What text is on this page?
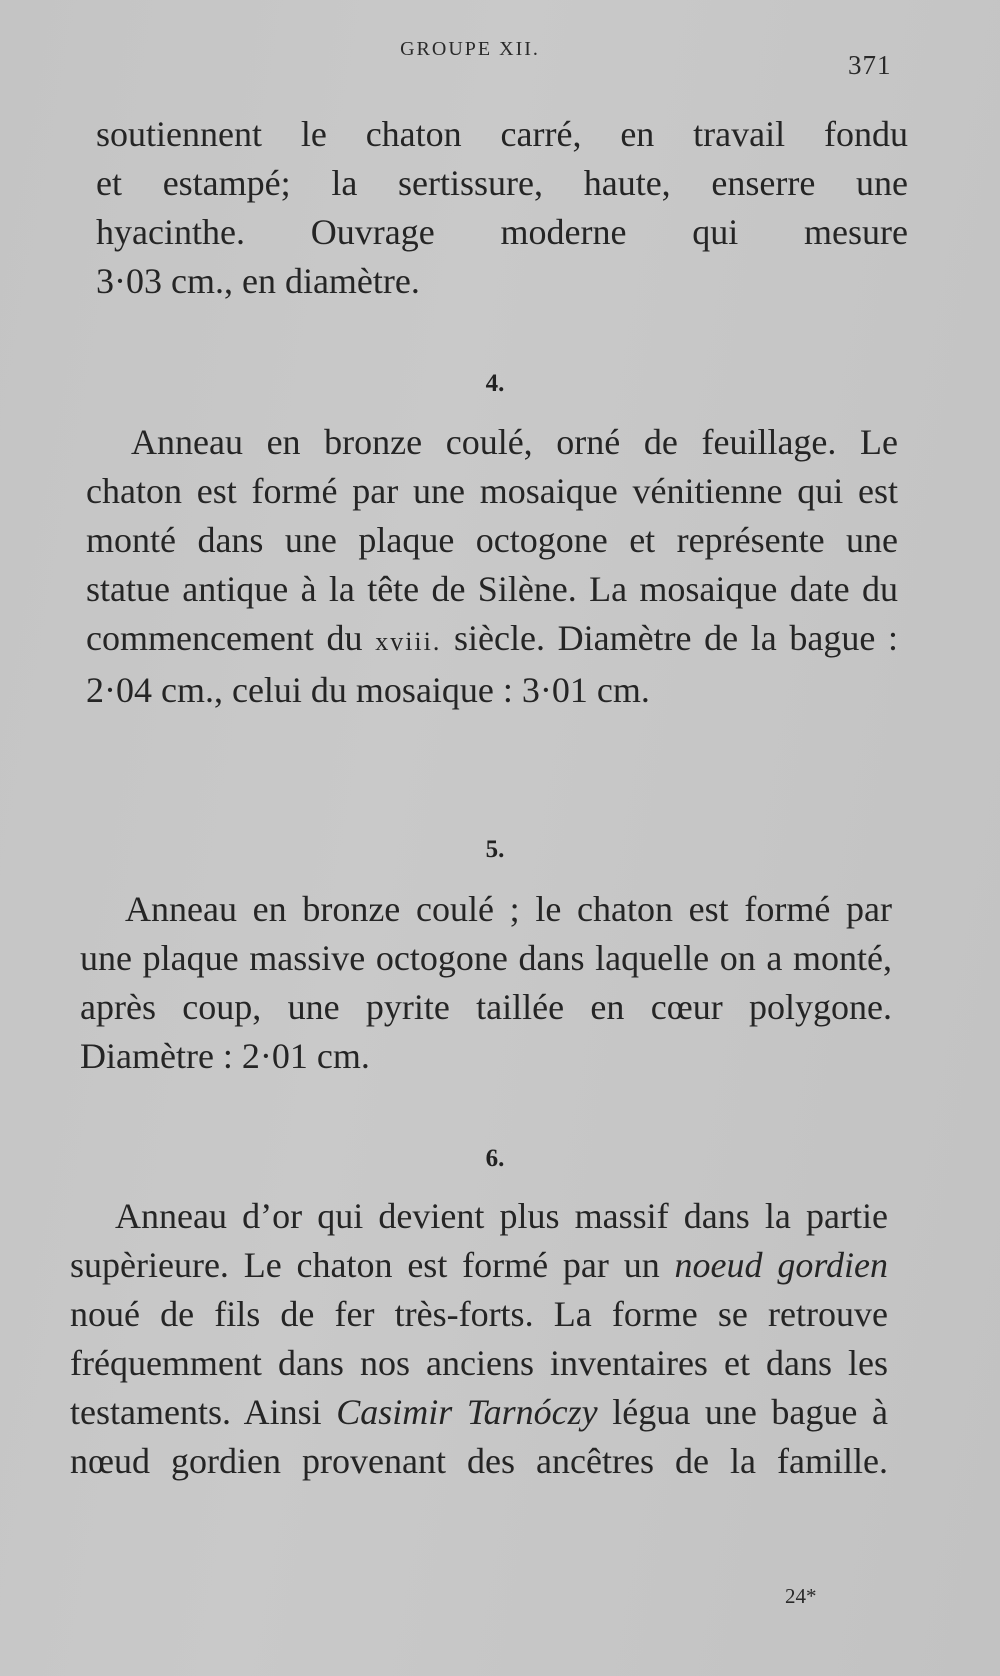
GROUPE XII.
371
soutiennent le chaton carré, en travail fondu
et estampé; la sertissure, haute, enserre une
hyacinthe. Ouvrage moderne qui mesure
3·03 cm., en diamètre.
4.

Anneau en bronze coulé, orné de feuillage. Le chaton est formé par une mosaique vénitienne qui est monté dans une plaque octogone et représente une statue antique à la tête de Silène. La mosaique date du commencement du xviii. siècle. Diamètre de la bague : 2·04 cm., celui du mosaique : 3·01 cm.

5.

Anneau en bronze coulé ; le chaton est formé par une plaque massive octogone dans laquelle on a monté, après coup, une pyrite taillée en cœur polygone. Diamètre : 2·01 cm.

6.

Anneau d’or qui devient plus massif dans la partie supèrieure. Le chaton est formé par un noeud gordien noué de fils de fer très-forts. La forme se retrouve fréquemment dans nos anciens inventaires et dans les testaments. Ainsi Casimir Tarnóczy légua une bague à nœud gordien provenant des ancêtres de la famille.

24*
